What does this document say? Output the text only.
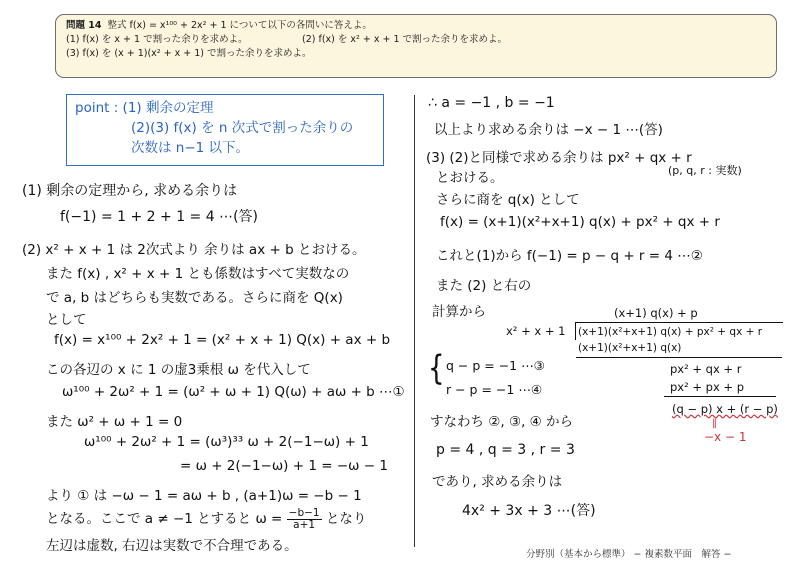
問題 14 整式 f(x) = x¹⁰⁰ + 2x² + 1 について以下の各問いに答えよ。
(1) f(x) を x + 1 で割った余りを求めよ。	(2) f(x) を x² + x + 1 で割った余りを求めよ。
(3) f(x) を (x + 1)(x² + x + 1) で割った余りを求めよ。
point : (1) 剰余の定理
(2)(3) f(x) を n 次式で割った余りの
次数は n−1 以下。
(1) 剰余の定理から, 求める余りは
f(−1) = 1 + 2 + 1 = 4 ⋯(答)
(2) x² + x + 1 は 2次式より 余りは ax + b とおける。
また f(x) , x² + x + 1 とも係数はすべて実数なの
で a, b はどちらも実数である。さらに商を Q(x)
として
f(x) = x¹⁰⁰ + 2x² + 1 = (x² + x + 1) Q(x) + ax + b
この各辺の x に 1 の虚3乗根 ω を代入して
ω¹⁰⁰ + 2ω² + 1 = (ω² + ω + 1) Q(ω) + aω + b ⋯①
また ω² + ω + 1 = 0
ω¹⁰⁰ + 2ω² + 1 = (ω³)³³ ω + 2(−1−ω) + 1
= ω + 2(−1−ω) + 1 = −ω − 1
より ① は −ω − 1 = aω + b , (a+1)ω = −b − 1
となる。ここで a ≠ −1 とすると $\omega = \frac{-b-1}{a+1}$ となり
左辺は虚数, 右辺は実数で不合理である。
∴ a = −1 , b = −1
以上より求める余りは −x − 1 ⋯(答)
(3) (2)と同様で求める余りは px² + qx + r
とおける。	(p, q, r : 実数)
さらに商を q(x) として
f(x) = (x+1)(x²+x+1) q(x) + px² + qx + r
これと(1)から f(−1) = p − q + r = 4 ⋯②
また (2) と右の
計算から	(x+1) q(x) + p
x² + x + 1 (x+1)(x²+x+1) q(x) + px² + qx + r
(x+1)(x²+x+1) q(x)
px² + qx + r
px² + px + p
(q − p) x + (r − p)
‖
−x − 1
{ q − p = −1 ⋯③
r − p = −1 ⋯④
すなわち ②, ③, ④ から
p = 4 , q = 3 , r = 3
であり, 求める余りは
4x² + 3x + 3 ⋯(答)
分野別（基本から標準） − 複素数平面　解答 −
